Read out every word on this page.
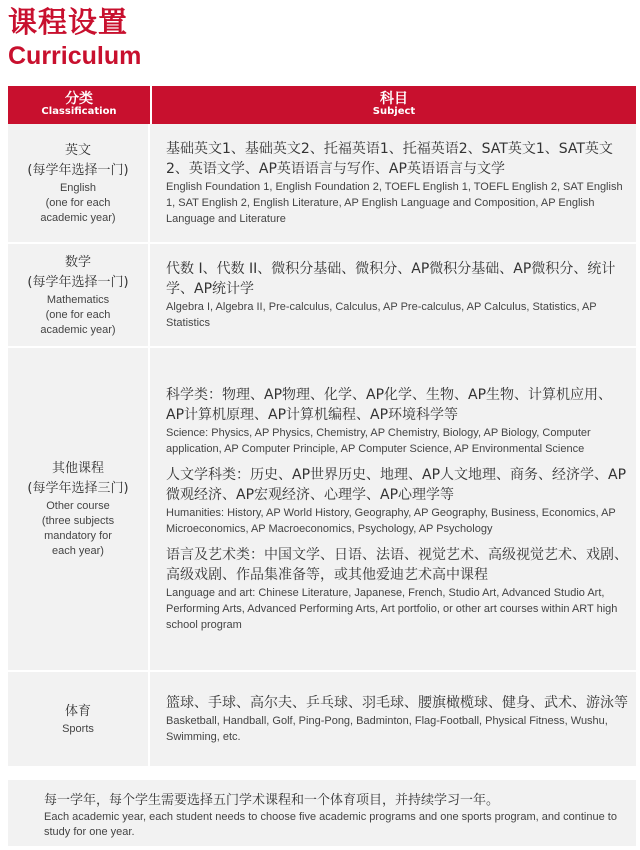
课程设置
Curriculum
分类
Classification
科目
Subject
英文
(每学年选择一门)
English
(one for each
academic year)
基础英文1、基础英文2、托福英语1、托福英语2、SAT英文1、SAT英文2、英语文学、AP英语语言与写作、AP英语语言与文学
English Foundation 1, English Foundation 2, TOEFL English 1, TOEFL English 2, SAT English 1, SAT English 2, English Literature, AP English Language and Composition, AP English Language and Literature
数学
(每学年选择一门)
Mathematics
(one for each
academic year)
代数 I、代数 II、微积分基础、微积分、AP微积分基础、AP微积分、统计学、AP统计学
Algebra I, Algebra II, Pre-calculus, Calculus, AP Pre-calculus, AP Calculus, Statistics, AP Statistics
其他课程
(每学年选择三门)
Other course
(three subjects
mandatory for
each year)
科学类：物理、AP物理、化学、AP化学、生物、AP生物、计算机应用、AP计算机原理、AP计算机编程、AP环境科学等
Science: Physics, AP Physics, Chemistry, AP Chemistry, Biology, AP Biology, Computer application, AP Computer Principle, AP Computer Science, AP Environmental Science
人文学科类：历史、AP世界历史、地理、AP人文地理、商务、经济学、AP微观经济、AP宏观经济、心理学、AP心理学等
Humanities: History, AP World History, Geography, AP Geography, Business, Economics, AP Microeconomics, AP Macroeconomics, Psychology, AP Psychology
语言及艺术类：中国文学、日语、法语、视觉艺术、高级视觉艺术、戏剧、高级戏剧、作品集准备等，或其他爱迪艺术高中课程
Language and art: Chinese Literature, Japanese, French, Studio Art, Advanced Studio Art, Performing Arts, Advanced Performing Arts, Art portfolio, or other art courses within ART high school program
体育
Sports
篮球、手球、高尔夫、乒乓球、羽毛球、腰旗橄榄球、健身、武术、游泳等
Basketball, Handball, Golf, Ping-Pong, Badminton, Flag-Football, Physical Fitness, Wushu, Swimming, etc.
每一学年，每个学生需要选择五门学术课程和一个体育项目，并持续学习一年。
Each academic year, each student needs to choose five academic programs and one sports program, and continue to study for one year.
